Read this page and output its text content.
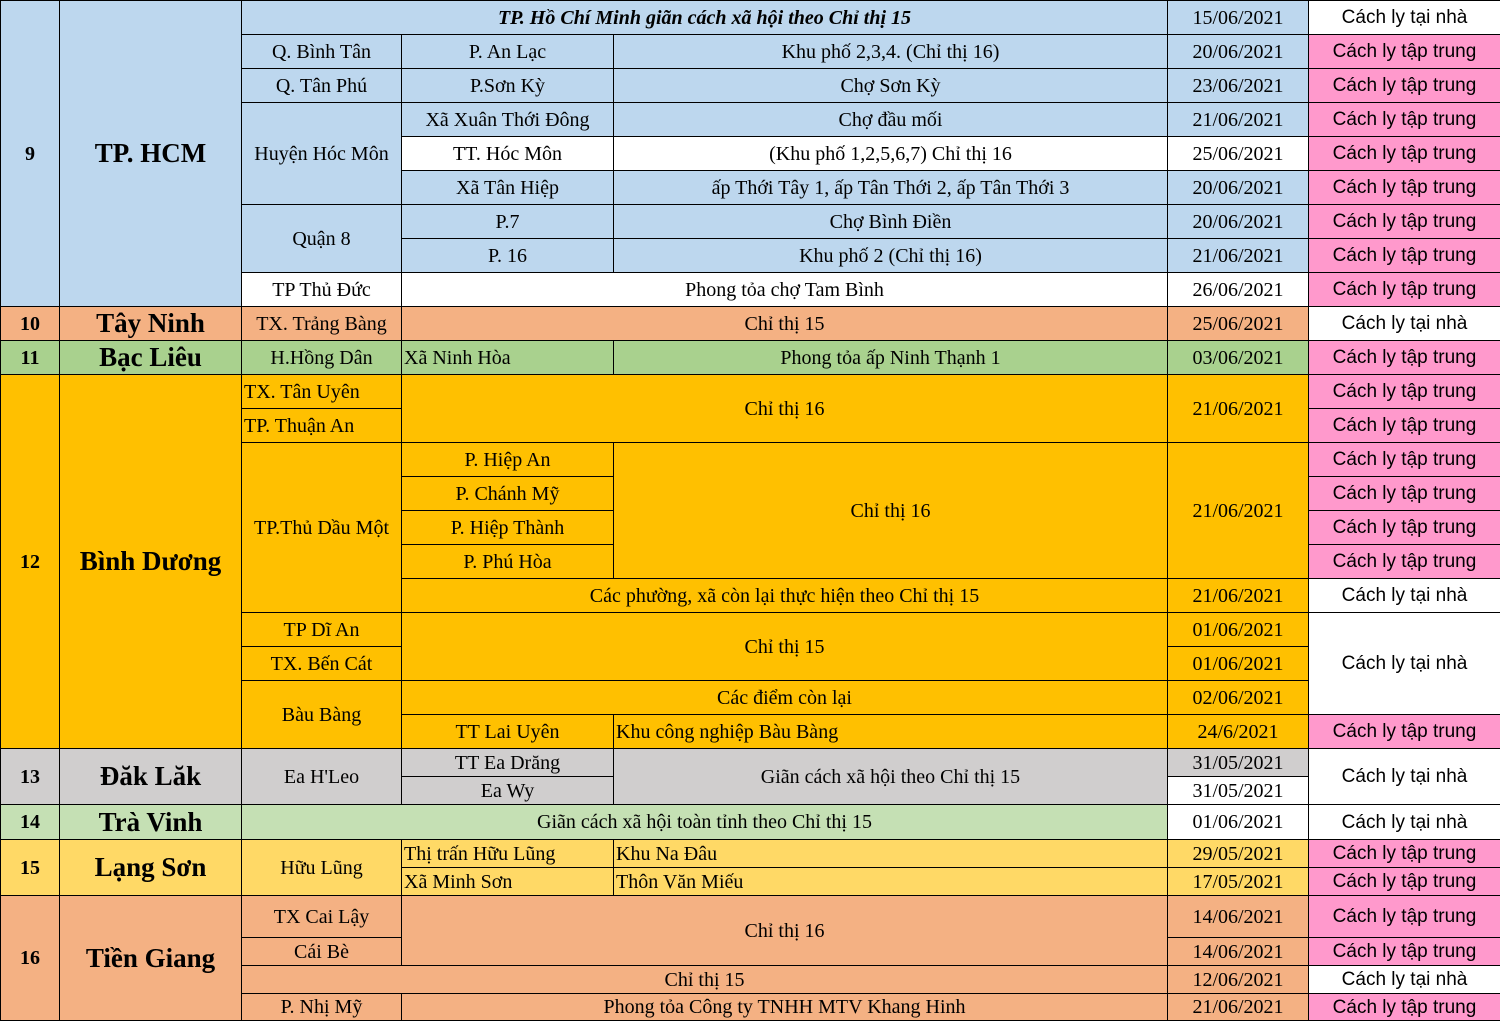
9	TP. HCM	TP. Hồ Chí Minh giãn cách xã hội theo Chỉ thị 15			15/06/2021	Cách ly tại nhà
		Q. Bình Tân	P. An Lạc	Khu phố 2,3,4. (Chỉ thị 16)	20/06/2021	Cách ly tập trung
		Q. Tân Phú	P.Sơn Kỳ	Chợ Sơn Kỳ	23/06/2021	Cách ly tập trung
		Huyện Hóc Môn	Xã Xuân Thới Đông	Chợ đầu mối	21/06/2021	Cách ly tập trung
			TT. Hóc Môn	(Khu phố 1,2,5,6,7) Chỉ thị 16	25/06/2021	Cách ly tập trung
			Xã Tân Hiệp	ấp Thới Tây 1, ấp Tân Thới 2, ấp Tân Thới 3	20/06/2021	Cách ly tập trung
		Quận 8	P.7	Chợ Bình Điền	20/06/2021	Cách ly tập trung
			P. 16	Khu phố 2 (Chỉ thị 16)	21/06/2021	Cách ly tập trung
		TP Thủ Đức	Phong tỏa chợ Tam Bình		26/06/2021	Cách ly tập trung
10	Tây Ninh	TX. Trảng Bàng	Chỉ thị 15		25/06/2021	Cách ly tại nhà
11	Bạc Liêu	H.Hồng Dân	Xã Ninh Hòa	Phong tỏa ấp Ninh Thạnh 1	03/06/2021	Cách ly tập trung
12	Bình Dương	TX. Tân Uyên	Chỉ thị 16		21/06/2021	Cách ly tập trung
		TP. Thuận An				Cách ly tập trung
		TP.Thủ Dầu Một	P. Hiệp An	Chỉ thị 16	21/06/2021	Cách ly tập trung
			P. Chánh Mỹ			Cách ly tập trung
			P. Hiệp Thành			Cách ly tập trung
			P. Phú Hòa			Cách ly tập trung
			Các phường, xã còn lại thực hiện theo Chỉ thị 15		21/06/2021	Cách ly tại nhà
		TP Dĩ An	Chỉ thị 15		01/06/2021	Cách ly tại nhà
		TX. Bến Cát			01/06/2021	
		Bàu Bàng	Các điểm còn lại		02/06/2021	
			TT Lai Uyên	Khu công nghiệp Bàu Bàng	24/6/2021	Cách ly tập trung
13	Đăk Lăk	Ea H'Leo	TT Ea Drăng	Giãn cách xã hội theo Chỉ thị 15	31/05/2021	Cách ly tại nhà
			Ea Wy		31/05/2021	
14	Trà Vinh	Giãn cách xã hội toàn tỉnh theo Chỉ thị 15			01/06/2021	Cách ly tại nhà
15	Lạng Sơn	Hữu Lũng	Thị trấn Hữu Lũng	Khu Na Đâu	29/05/2021	Cách ly tập trung
			Xã Minh Sơn	Thôn Văn Miếu	17/05/2021	Cách ly tập trung
16	Tiền Giang	TX Cai Lậy	Chỉ thị 16		14/06/2021	Cách ly tập trung
		Cái Bè			14/06/2021	Cách ly tập trung
		Chỉ thị 15			12/06/2021	Cách ly tại nhà
		P. Nhị Mỹ	Phong tỏa Công ty TNHH MTV Khang Hinh		21/06/2021	Cách ly tập trung
